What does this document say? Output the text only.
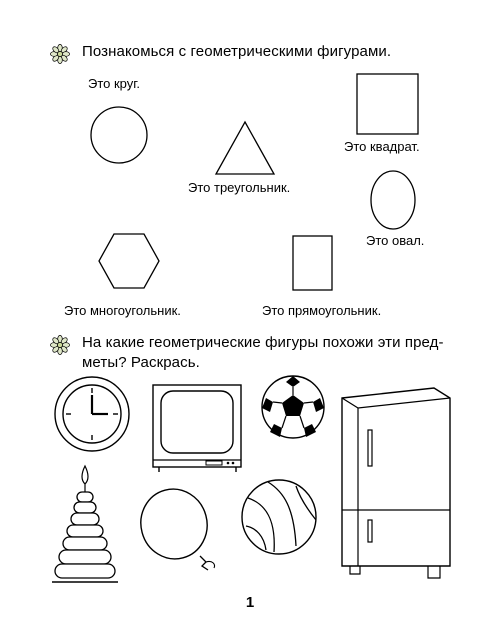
Познакомься с геометрическими фигурами.
Это круг.
Это квадрат.
Это треугольник.
Это овал.
Это многоугольник.	Это прямоугольник.
На какие геометрические фигуры похожи эти пред-
меты? Раскрась.
1
